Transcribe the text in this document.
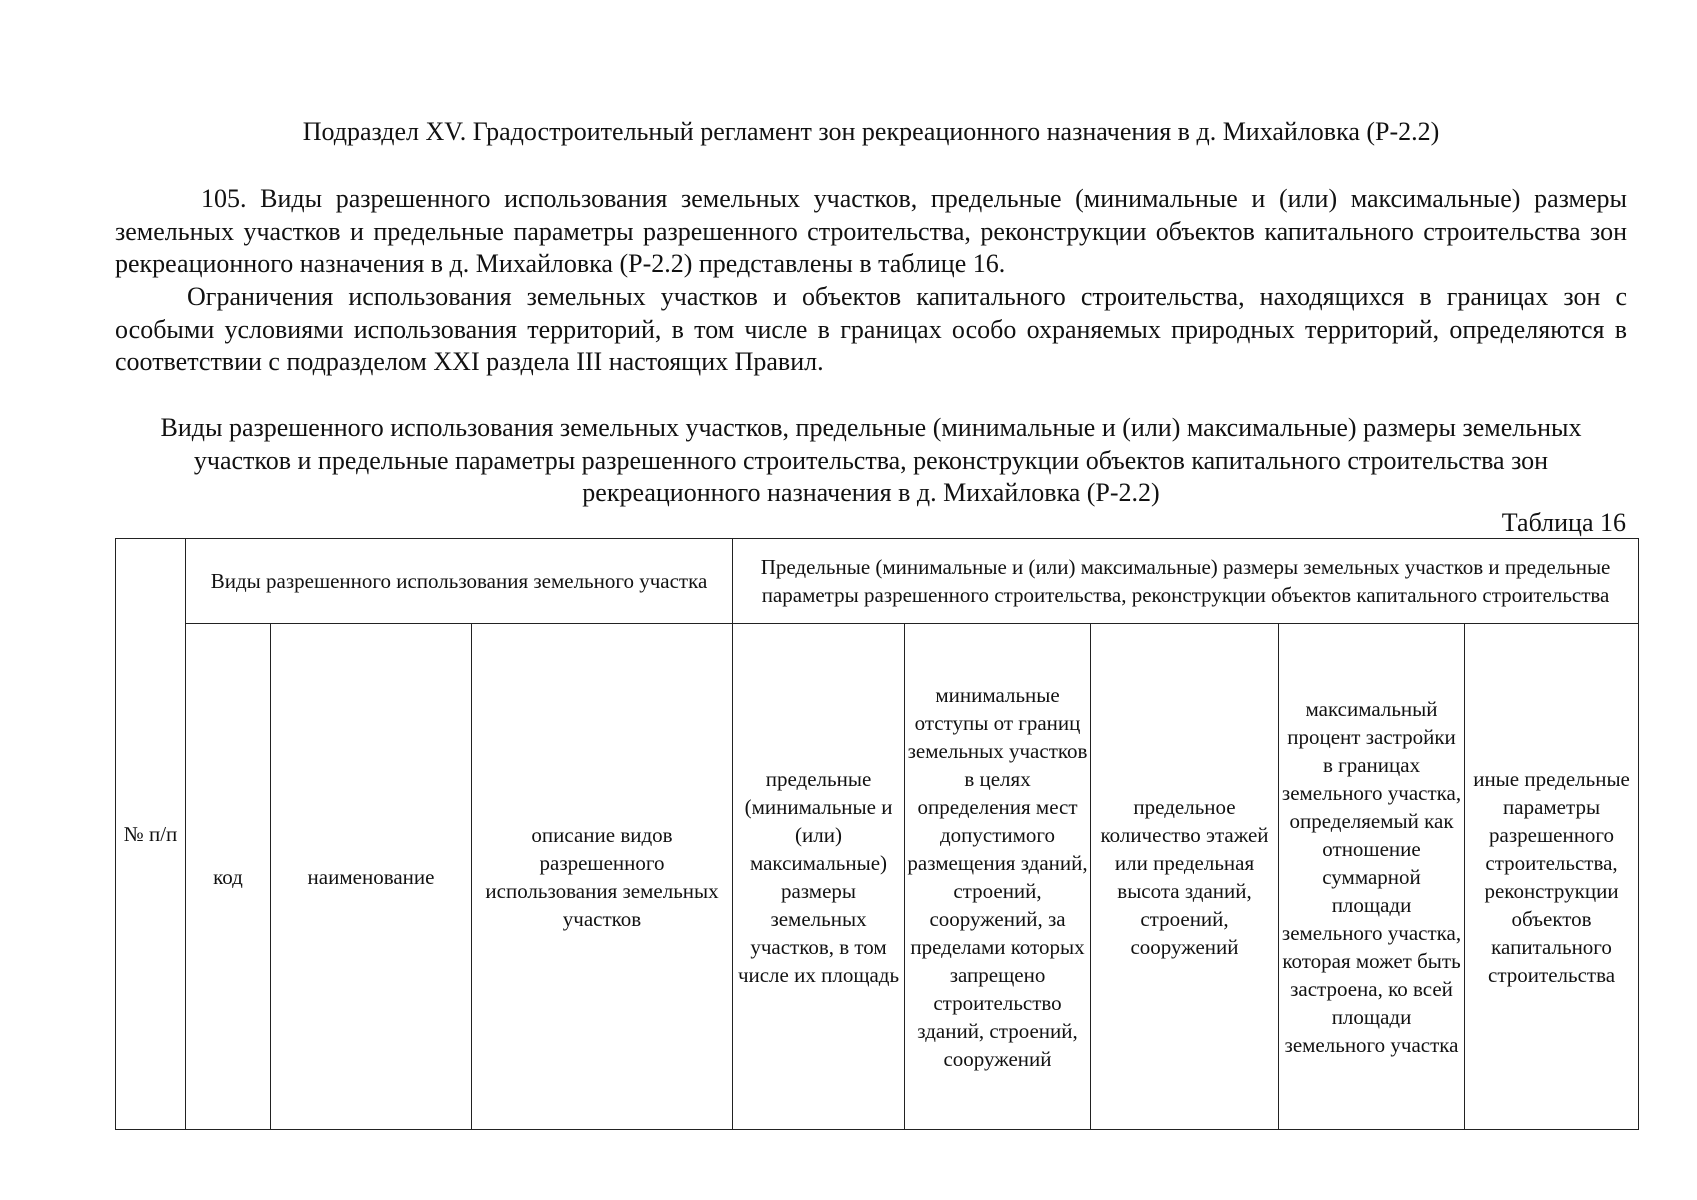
Подраздел XV. Градостроительный регламент зон рекреационного назначения в д. Михайловка (Р-2.2)

105. Виды разрешенного использования земельных участков, предельные (минимальные и (или) максимальные) размеры земельных участков и предельные параметры разрешенного строительства, реконструкции объектов капитального строительства зон рекреационного назначения в д. Михайловка (Р-2.2) представлены в таблице 16.

Ограничения использования земельных участков и объектов капитального строительства, находящихся в границах зон с особыми условиями использования территорий, в том числе в границах особо охраняемых природных территорий, определяются в соответствии с подразделом XXI раздела III настоящих Правил.

Виды разрешенного использования земельных участков, предельные (минимальные и (или) максимальные) размеры земельных участков и предельные параметры разрешенного строительства, реконструкции объектов капитального строительства зон рекреационного назначения в д. Михайловка (Р-2.2)
Таблица 16
№ п/п	Виды разрешенного использования земельного участка			Предельные (минимальные и (или) максимальные) размеры земельных участков и предельные параметры разрешенного строительства, реконструкции объектов капитального строительства				
	код	наименование	описание видов разрешенного использования земельных участков	предельные (минимальные и (или) максимальные) размеры земельных участков, в том числе их площадь	минимальные отступы от границ земельных участков в целях определения мест допустимого размещения зданий, строений, сооружений, за пределами которых запрещено строительство зданий, строений, сооружений	предельное количество этажей или предельная высота зданий, строений, сооружений	максимальный процент застройки в границах земельного участка, определяемый как отношение суммарной площади земельного участка, которая может быть застроена, ко всей площади земельного участка	иные предельные параметры разрешенного строительства, реконструкции объектов капитального строительства
